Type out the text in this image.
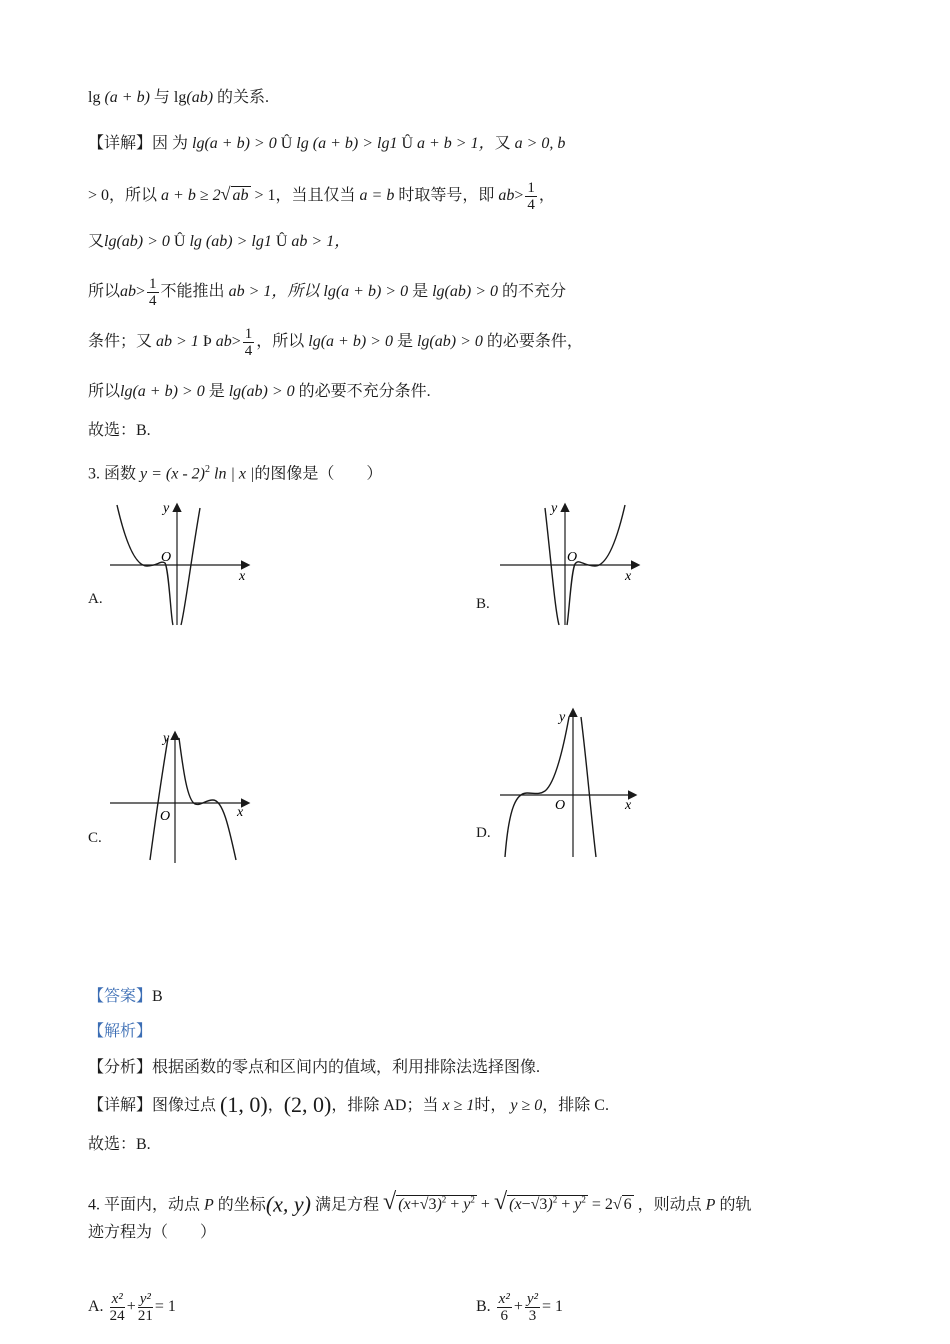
lg (a + b) 与 lg(ab) 的关系.
【详解】因 为 lg(a + b) > 0 Û lg (a + b) > lg1 Û a + b > 1，又 a > 0, b
> 0，所以 a + b ≥ 2√ ab > 1，当且仅当 a = b 时取等号，即 $ab> \frac{1}{4}$ ，
又lg(ab) > 0 Û lg (ab) > lg1 Û ab > 1，
所以$ab> \frac{1}{4}$ 不能推出 ab > 1，所以 lg(a + b) > 0 是 lg(ab) > 0 的不充分
条件；又 ab > 1 Þ $ab> \frac{1}{4}$ ，所以 lg(a + b) > 0 是 lg(ab) > 0 的必要条件，
所以lg(a + b) > 0 是 lg(ab) > 0 的必要不充分条件.
故选：B.
3. 函数 y = (x - 2)$^2$ ln | x |的图像是（　　）
y
x
O
A.
y
x
O
B.
y
x
O
C.
y
x
O
D.
【答案】B
【解析】
【分析】根据函数的零点和区间内的值域，利用排除法选择图像.
【详解】图像过点 (1, 0)，(2, 0)，排除 AD；当 x ≥ 1时， y ≥ 0，排除 C.
故选：B.
4. 平面内，动点 P 的坐标(x, y) 满足方程 √ $(x+√3)^2 + y^2$ + √ $(x-√3)^2 + y^2 = 2√$ 6 ，则动点 P 的轨
迹方程为（　　）
A. $\frac{\text{x²}}{24} + \frac{\text{y²}}{21} = 1$	B. $\frac{\text{x²}}{6} + \frac{\text{y²}}{3} = 1$
